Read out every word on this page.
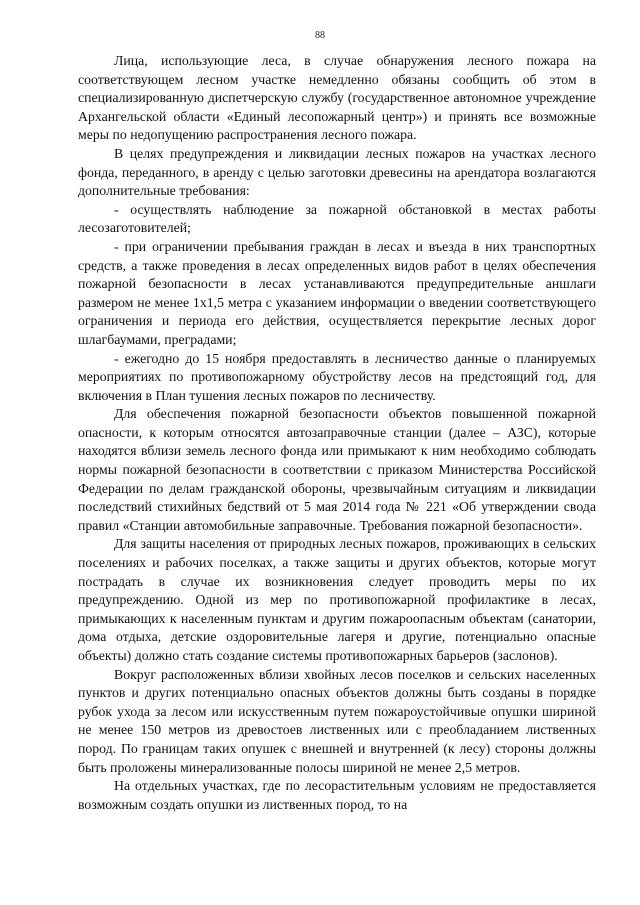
88

Лица, использующие леса, в случае обнаружения лесного пожара на соответствующем лесном участке немедленно обязаны сообщить об этом в специализированную диспетчерскую службу (государственное автономное учреждение Архангельской области «Единый лесопожарный центр») и принять все возможные меры по недопущению распространения лесного пожара.

В целях предупреждения и ликвидации лесных пожаров на участках лесного фонда, переданного, в аренду с целью заготовки древесины на арендатора возлагаются дополнительные требования:

- осуществлять наблюдение за пожарной обстановкой в местах работы лесозаготовителей;

- при ограничении пребывания граждан в лесах и въезда в них транспортных средств, а также проведения в лесах определенных видов работ в целях обеспечения пожарной безопасности в лесах устанавливаются предупредительные аншлаги размером не менее 1х1,5 метра с указанием информации о введении соответствующего ограничения и периода его действия, осуществляется перекрытие лесных дорог шлагбаумами, преградами;

- ежегодно до 15 ноября предоставлять в лесничество данные о планируемых мероприятиях по противопожарному обустройству лесов на предстоящий год, для включения в План тушения лесных пожаров по лесничеству.

Для обеспечения пожарной безопасности объектов повышенной пожарной опасности, к которым относятся автозаправочные станции (далее – АЗС), которые находятся вблизи земель лесного фонда или примыкают к ним необходимо соблюдать нормы пожарной безопасности в соответствии с приказом Министерства Российской Федерации по делам гражданской обороны, чрезвычайным ситуациям и ликвидации последствий стихийных бедствий от 5 мая 2014 года № 221 «Об утверждении свода правил «Станции автомобильные заправочные. Требования пожарной безопасности».

Для защиты населения от природных лесных пожаров, проживающих в сельских поселениях и рабочих поселках, а также защиты и других объектов, которые могут пострадать в случае их возникновения следует проводить меры по их предупреждению. Одной из мер по противопожарной профилактике в лесах, примыкающих к населенным пунктам и другим пожароопасным объектам (санатории, дома отдыха, детские оздоровительные лагеря и другие, потенциально опасные объекты) должно стать создание системы противопожарных барьеров (заслонов).

Вокруг расположенных вблизи хвойных лесов поселков и сельских населенных пунктов и других потенциально опасных объектов должны быть созданы в порядке рубок ухода за лесом или искусственным путем пожароустойчивые опушки шириной не менее 150 метров из древостоев лиственных или с преобладанием лиственных пород. По границам таких опушек с внешней и внутренней (к лесу) стороны должны быть проложены минерализованные полосы шириной не менее 2,5 метров.

На отдельных участках, где по лесорастительным условиям не предоставляется возможным создать опушки из лиственных пород, то на
